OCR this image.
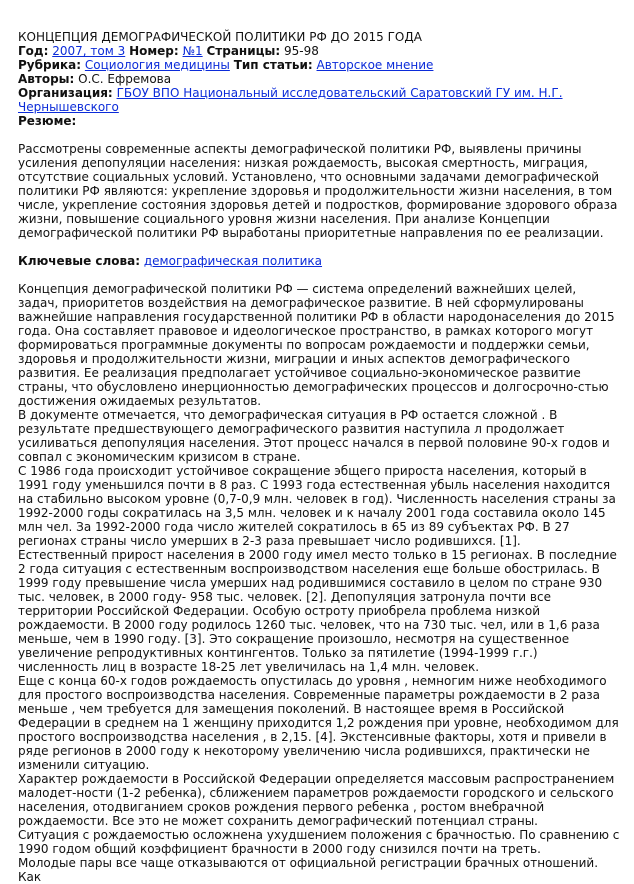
КОНЦЕПЦИЯ ДЕМОГРАФИЧЕСКОЙ ПОЛИТИКИ РФ ДО 2015 ГОДА
Год: 2007, том 3 Номер: №1 Страницы: 95-98
Рубрика: Социология медицины Тип статьи: Авторское мнение
Авторы: О.С. Ефремова
Организация: ГБОУ ВПО Национальный исследовательский Саратовский ГУ им. Н.Г. Чернышевского
Резюме:

Рассмотрены современные аспекты демографической политики РФ, выявлены причины усиления депопуляции населения: низкая рождаемость, высокая смертность, миграция, отсутствие социальных условий. Установлено, что основными задачами демографической политики РФ являются: укрепление здоровья и продолжительности жизни населения, в том числе, укрепление состояния здоровья детей и подростков, формирование здорового образа жизни, повышение социального уровня жизни населения. При анализе Концепции демографической политики РФ выработаны приоритетные направления по ее реализации.

Ключевые слова: демографическая политика

Концепция демографической политики РФ — система определений важнейших целей, задач, приоритетов воздействия на демографическое развитие. В ней сформулированы важнейшие направления государственной политики РФ в области народонаселения до 2015 года. Она составляет правовое и идеологическое пространство, в рамках которого могут формироваться программные документы по вопросам рождаемости и поддержки семьи, здоровья и продолжительности жизни, миграции и иных аспектов демографического развития. Ее реализация предполагает устойчивое социально-экономическое развитие страны, что обусловлено инерционностью демографических процессов и долгосрочно-стью достижения ожидаемых результатов.

В документе отмечается, что демографическая ситуация в РФ остается сложной . В результате предшествующего демографического развития наступила л продолжает усиливаться депопуляция населения. Этот процесс начался в первой половине 90-х годов и совпал с экономическим кризисом в стране.

С 1986 года происходит устойчивое сокращение эбщего прироста населения, который в 1991 году уменьшился почти в 8 раз. С 1993 года естественная убыль населения находится на стабильно высоком уровне (0,7-0,9 млн. человек в год). Численность населения страны за 1992-2000 годы сократилась на 3,5 млн. человек и к началу 2001 года составила около 145 млн чел. За 1992-2000 года число жителей сократилось в 65 из 89 субъектах РФ. В 27 регионах страны число умерших в 2-3 раза превышает число родившихся. [1].

Естественный прирост населения в 2000 году имел место только в 15 регионах. В последние 2 года ситуация с естественным воспроизводством населения еще больше обострилась. В 1999 году превышение числа умерших над родившимися составило в целом по стране 930 тыс. человек, в 2000 году- 958 тыс. человек. [2]. Депопуляция затронула почти все территории Российской Федерации. Особую остроту приобрела проблема низкой рождаемости. В 2000 году родилось 1260 тыс. человек, что на 730 тыс. чел, или в 1,6 раза меньше, чем в 1990 году. [3]. Это сокращение произошло, несмотря на существенное увеличение репродуктивных контингентов. Только за пятилетие (1994-1999 г.г.) численность лиц в возрасте 18-25 лет увеличилась на 1,4 млн. человек.

Еще с конца 60-х годов рождаемость опустилась до уровня , немногим ниже необходимого для простого воспроизводства населения. Современные параметры рождаемости в 2 раза меньше , чем требуется для замещения поколений. В настоящее время в Российской Федерации в среднем на 1 женщину приходится 1,2 рождения при уровне, необходимом для простого воспроизводства населения , в 2,15. [4]. Экстенсивные факторы, хотя и привели в ряде регионов в 2000 году к некоторому увеличению числа родившихся, практически не изменили ситуацию.

Характер рождаемости в Российской Федерации определяется массовым распространением малодет-ности (1-2 ребенка), сближением параметров рождаемости городского и сельского населения, отодвиганием сроков рождения первого ребенка , ростом внебрачной рождаемости. Все это не может сохранить демографический потенциал страны.

Ситуация с рождаемостью осложнена ухудшением положения с брачностью. По сравнению с 1990 годом общий коэффициент брачности в 2000 году снизился почти на треть.

Молодые пары все чаще отказываются от официальной регистрации брачных отношений. Как
